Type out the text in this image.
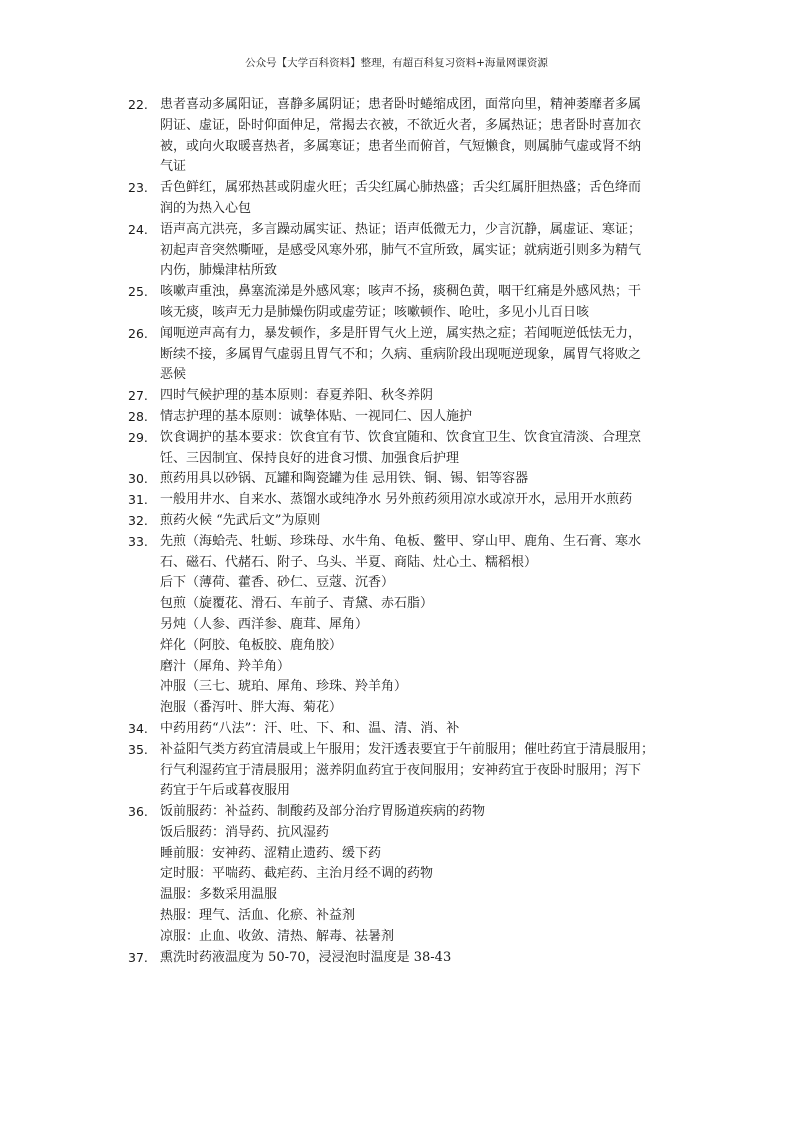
公众号【大学百科资料】整理，有超百科复习资料+海量网课资源
22. 患者喜动多属阳证，喜静多属阴证；患者卧时蜷缩成团，面常向里，精神萎靡者多属
阴证、虚证，卧时仰面伸足，常揭去衣被，不欲近火者，多属热证；患者卧时喜加衣
被，或向火取暖喜热者，多属寒证；患者坐而俯首，气短懒食，则属肺气虚或肾不纳
气证
23. 舌色鲜红，属邪热甚或阴虚火旺；舌尖红属心肺热盛；舌尖红属肝胆热盛；舌色绛而
润的为热入心包
24. 语声高亢洪亮，多言躁动属实证、热证；语声低微无力，少言沉静，属虚证、寒证；
初起声音突然嘶哑，是感受风寒外邪，肺气不宣所致，属实证；就病逝引则多为精气
内伤，肺燥津枯所致
25. 咳嗽声重浊，鼻塞流涕是外感风寒；咳声不扬，痰稠色黄，咽干红痛是外感风热；干
咳无痰，咳声无力是肺燥伤阴或虚劳证；咳嗽顿作、呛吐，多见小儿百日咳
26. 闻呃逆声高有力，暴发顿作，多是肝胃气火上逆，属实热之症；若闻呃逆低怯无力，
断续不接，多属胃气虚弱且胃气不和；久病、重病阶段出现呃逆现象，属胃气将败之
恶候
27. 四时气候护理的基本原则：春夏养阳、秋冬养阴
28. 情志护理的基本原则：诚挚体贴、一视同仁、因人施护
29. 饮食调护的基本要求：饮食宜有节、饮食宜随和、饮食宜卫生、饮食宜清淡、合理烹
饪、三因制宜、保持良好的进食习惯、加强食后护理
30. 煎药用具以砂锅、瓦罐和陶瓷罐为佳 忌用铁、铜、锡、铝等容器
31. 一般用井水、自来水、蒸馏水或纯净水 另外煎药须用凉水或凉开水，忌用开水煎药
32. 煎药火候 “先武后文”为原则
33. 先煎（海蛤壳、牡蛎、珍珠母、水牛角、龟板、鳖甲、穿山甲、鹿角、生石膏、寒水
石、磁石、代赭石、附子、乌头、半夏、商陆、灶心土、糯稻根）
后下（薄荷、藿香、砂仁、豆蔻、沉香）
包煎（旋覆花、滑石、车前子、青黛、赤石脂）
另炖（人参、西洋参、鹿茸、犀角）
烊化（阿胶、龟板胶、鹿角胶）
磨汁（犀角、羚羊角）
冲服（三七、琥珀、犀角、珍珠、羚羊角）
泡服（番泻叶、胖大海、菊花）
34. 中药用药“八法”：汗、吐、下、和、温、清、消、补
35. 补益阳气类方药宜清晨或上午服用；发汗透表要宜于午前服用；催吐药宜于清晨服用；
行气利湿药宜于清晨服用；滋养阴血药宜于夜间服用；安神药宜于夜卧时服用；泻下
药宜于午后或暮夜服用
36. 饭前服药：补益药、制酸药及部分治疗胃肠道疾病的药物
饭后服药：消导药、抗风湿药
睡前服：安神药、涩精止遗药、缓下药
定时服：平喘药、截疟药、主治月经不调的药物
温服：多数采用温服
热服：理气、活血、化瘀、补益剂
凉服：止血、收敛、清热、解毒、祛暑剂
37. 熏洗时药液温度为 50-70，浸浸泡时温度是 38-43
